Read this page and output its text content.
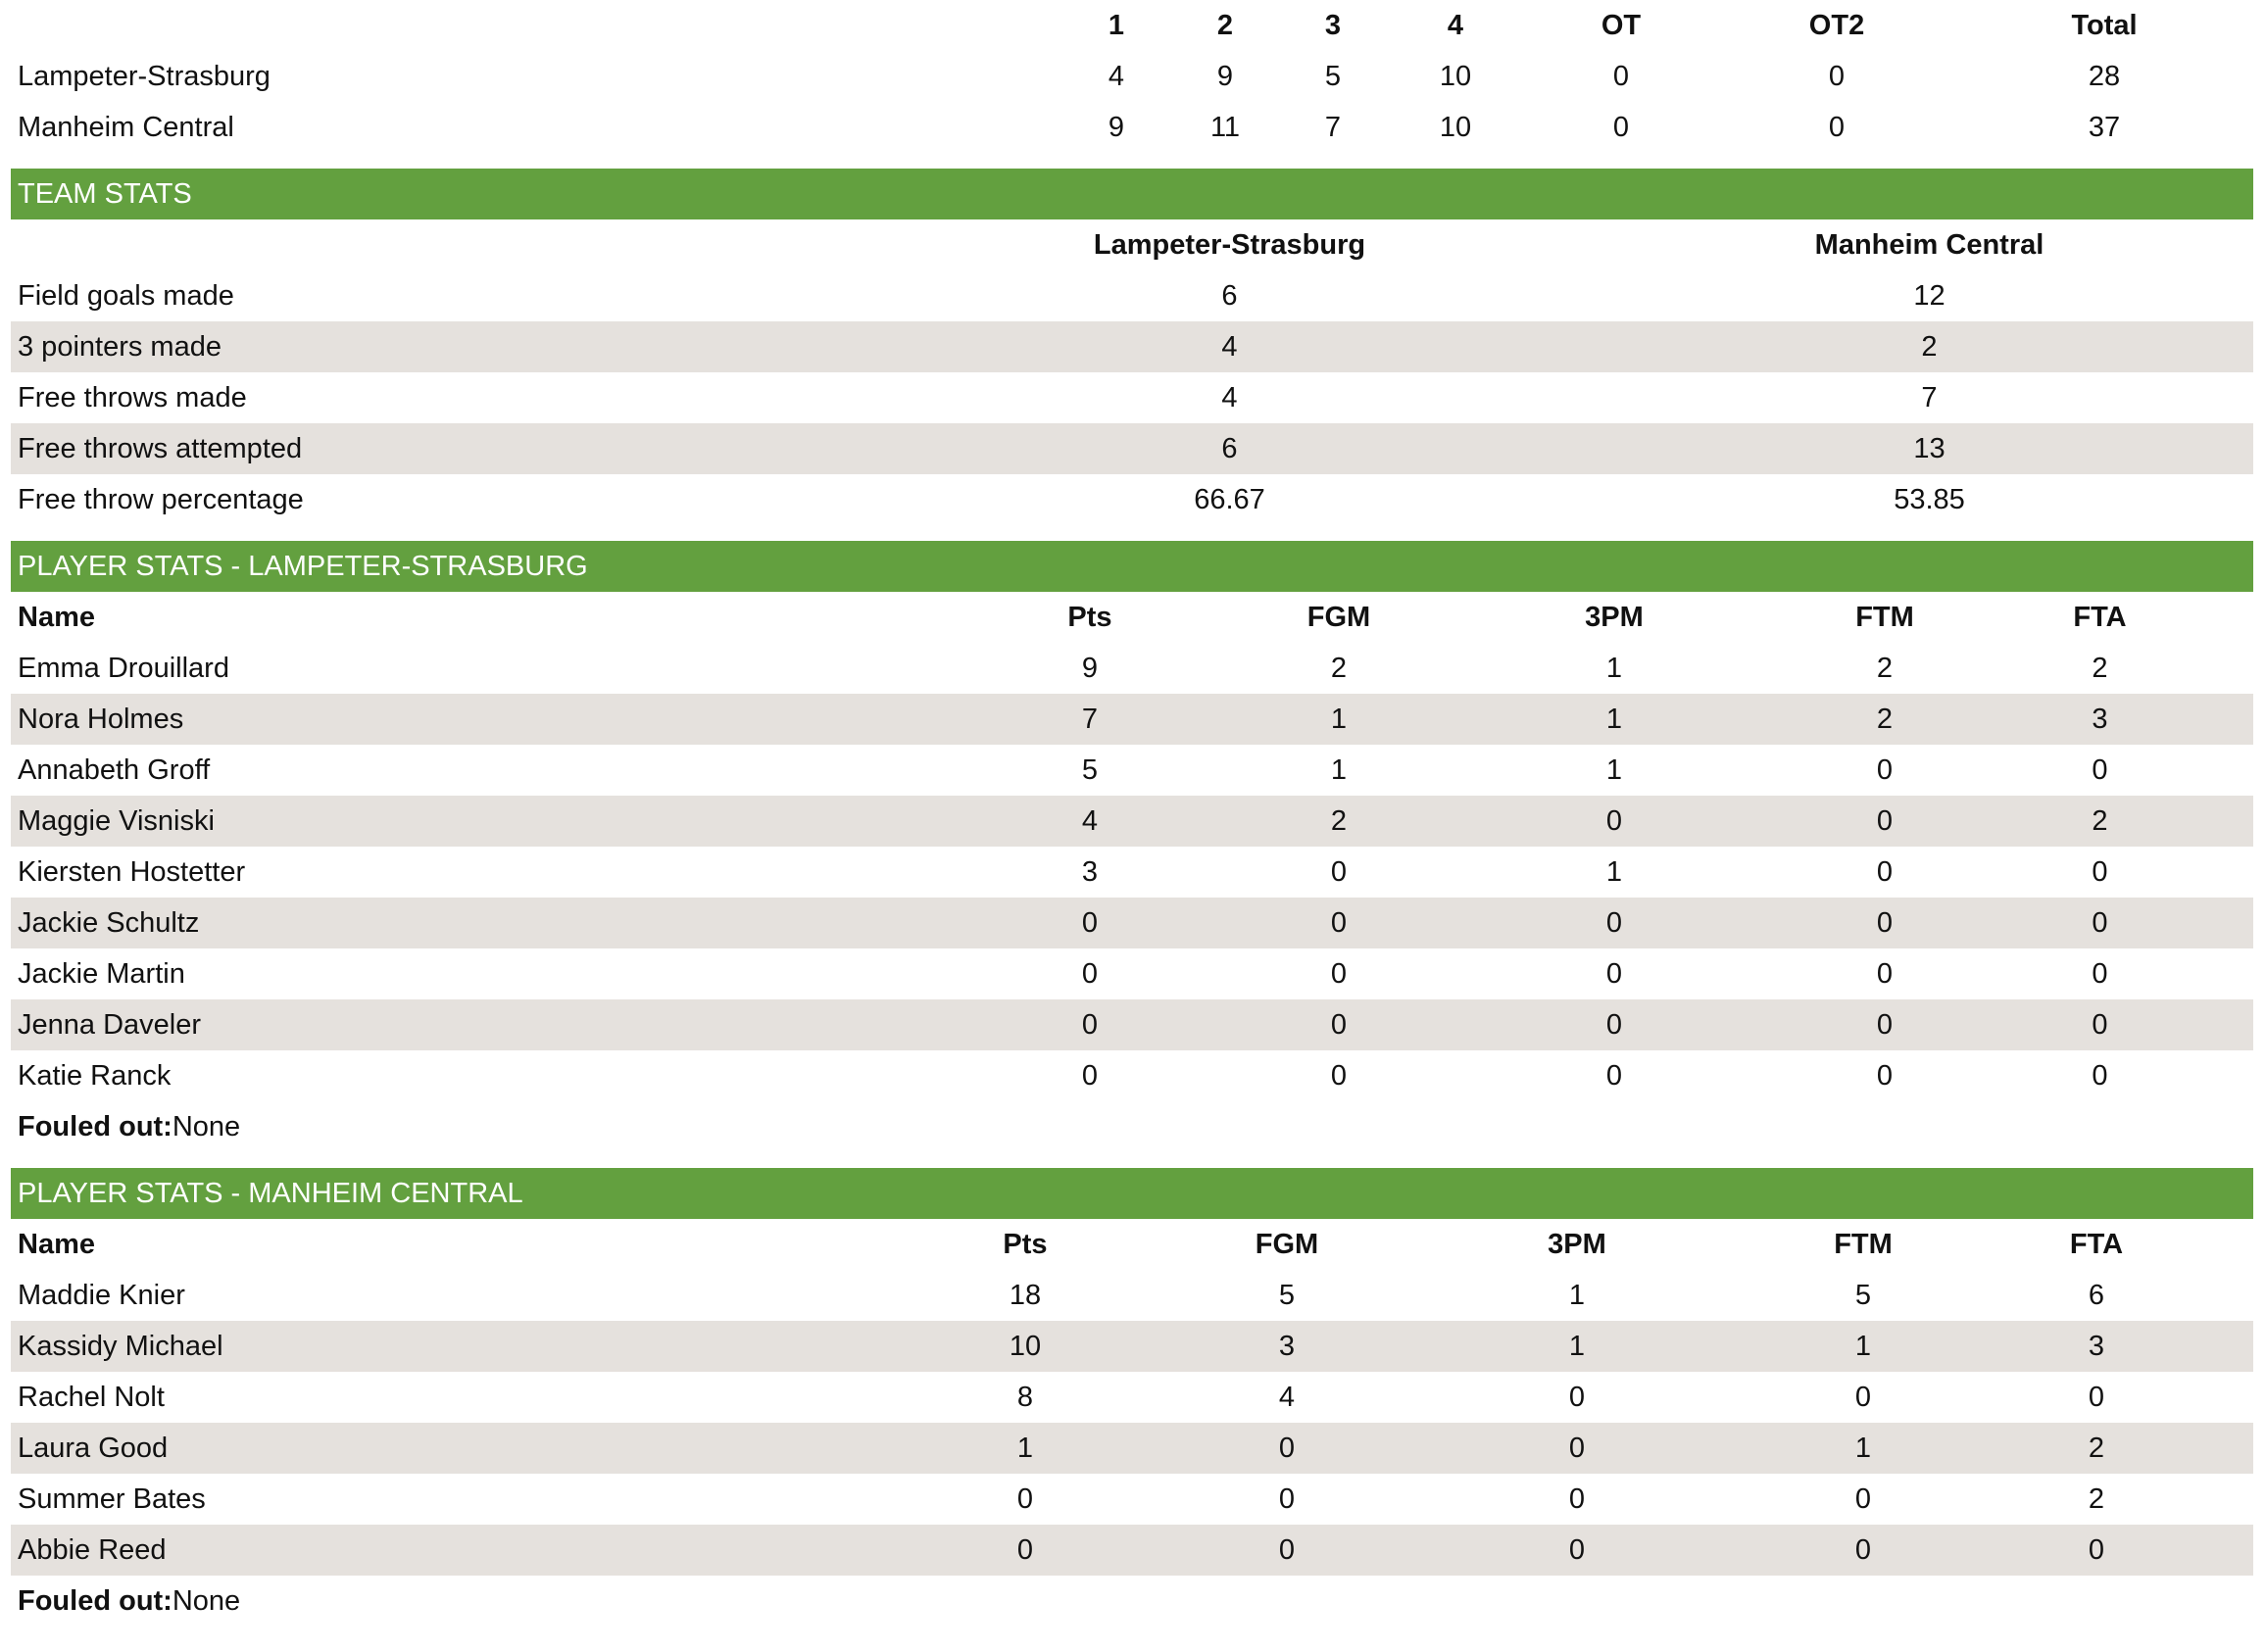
	1	2	3	4	OT	OT2	Total
Lampeter-Strasburg	4	9	5	10	0	0	28
Manheim Central	9	11	7	10	0	0	37
TEAM STATS
	Lampeter-Strasburg	Manheim Central
Field goals made	6	12
3 pointers made	4	2
Free throws made	4	7
Free throws attempted	6	13
Free throw percentage	66.67	53.85
PLAYER STATS - LAMPETER-STRASBURG
Name	Pts	FGM	3PM	FTM	FTA
Emma Drouillard	9	2	1	2	2
Nora Holmes	7	1	1	2	3
Annabeth Groff	5	1	1	0	0
Maggie Visniski	4	2	0	0	2
Kiersten Hostetter	3	0	1	0	0
Jackie Schultz	0	0	0	0	0
Jackie Martin	0	0	0	0	0
Jenna Daveler	0	0	0	0	0
Katie Ranck	0	0	0	0	0
Fouled out:None
PLAYER STATS - MANHEIM CENTRAL
Name	Pts	FGM	3PM	FTM	FTA
Maddie Knier	18	5	1	5	6
Kassidy Michael	10	3	1	1	3
Rachel Nolt	8	4	0	0	0
Laura Good	1	0	0	1	2
Summer Bates	0	0	0	0	2
Abbie Reed	0	0	0	0	0
Fouled out:None
